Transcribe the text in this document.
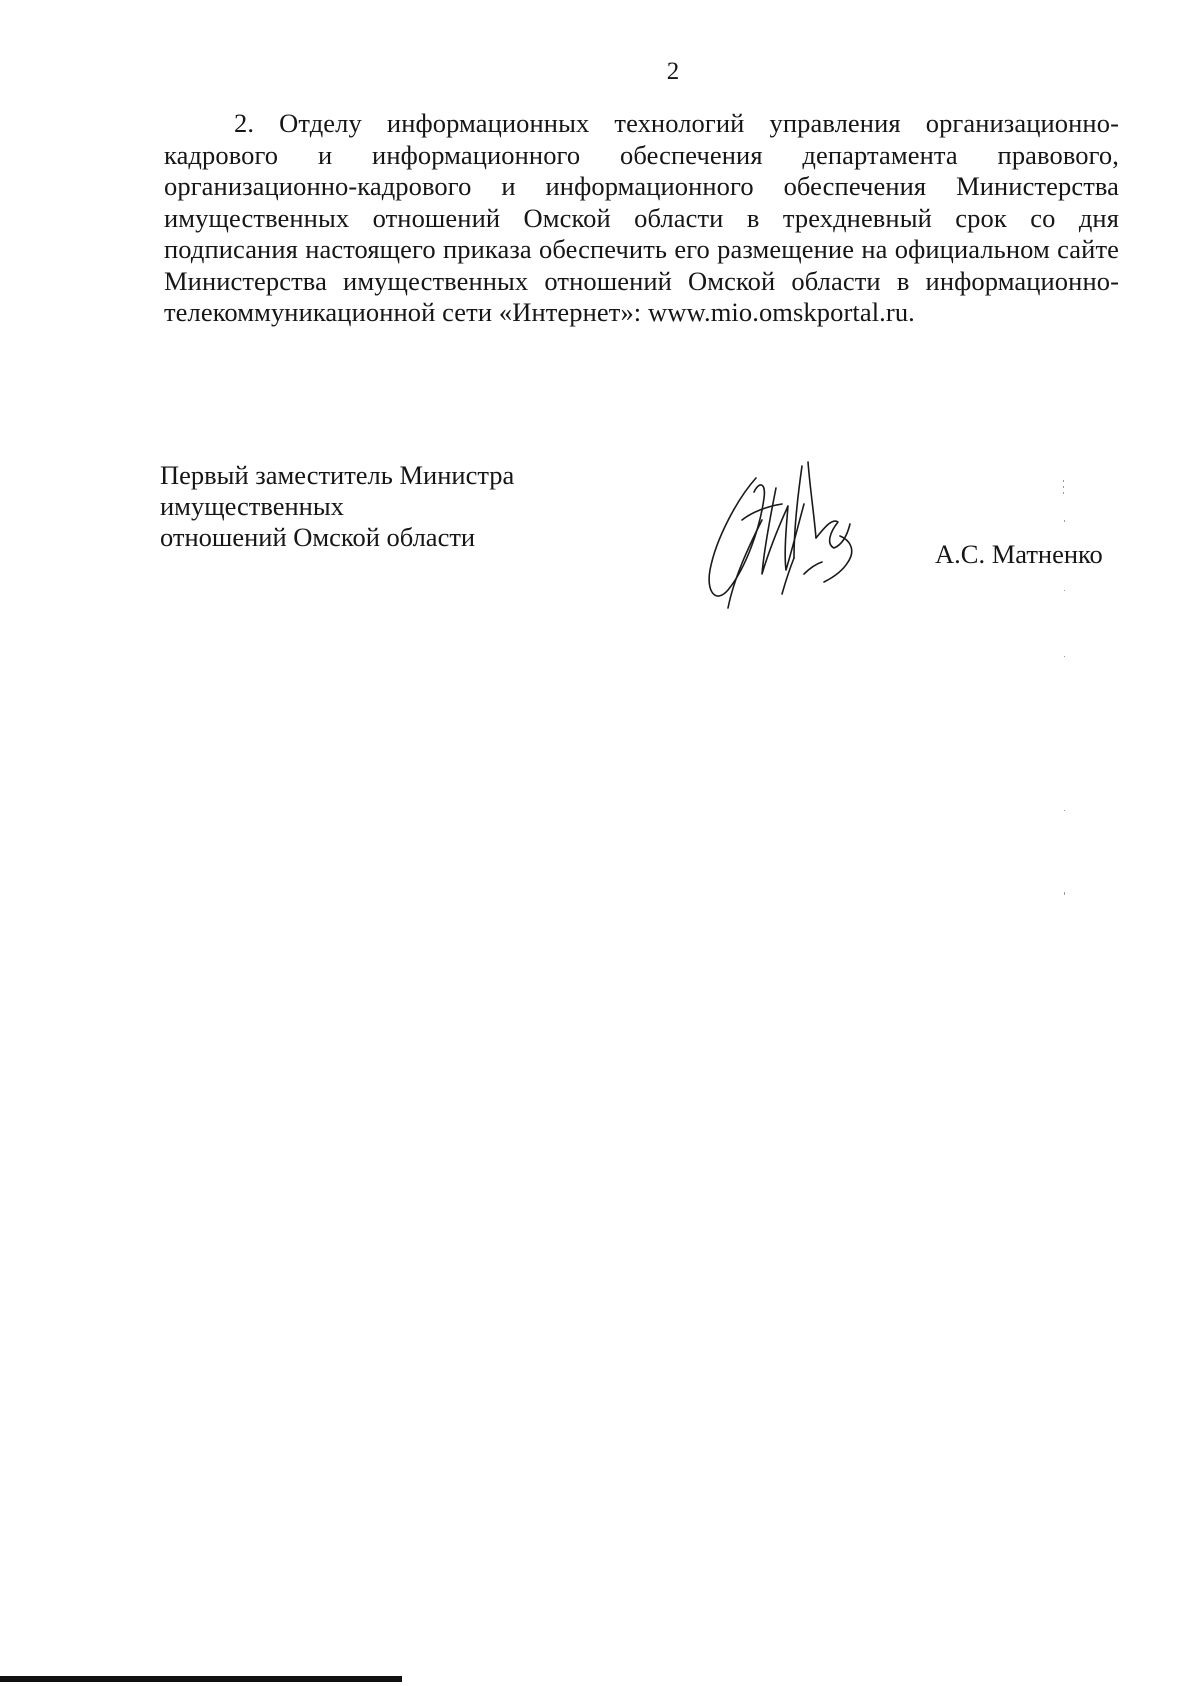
2

2. Отделу информационных технологий управления организационно-кадрового и информационного обеспечения департамента правового, организационно-кадрового и информационного обеспечения Министерства имущественных отношений Омской области в трехдневный срок со дня подписания настоящего приказа обеспечить его размещение на официальном сайте Министерства имущественных отношений Омской области в информационно-телекоммуникационной сети «Интернет»: www.mio.omskportal.ru.

Первый заместитель Министра
имущественных
отношений Омской области
А.С. Матненко
